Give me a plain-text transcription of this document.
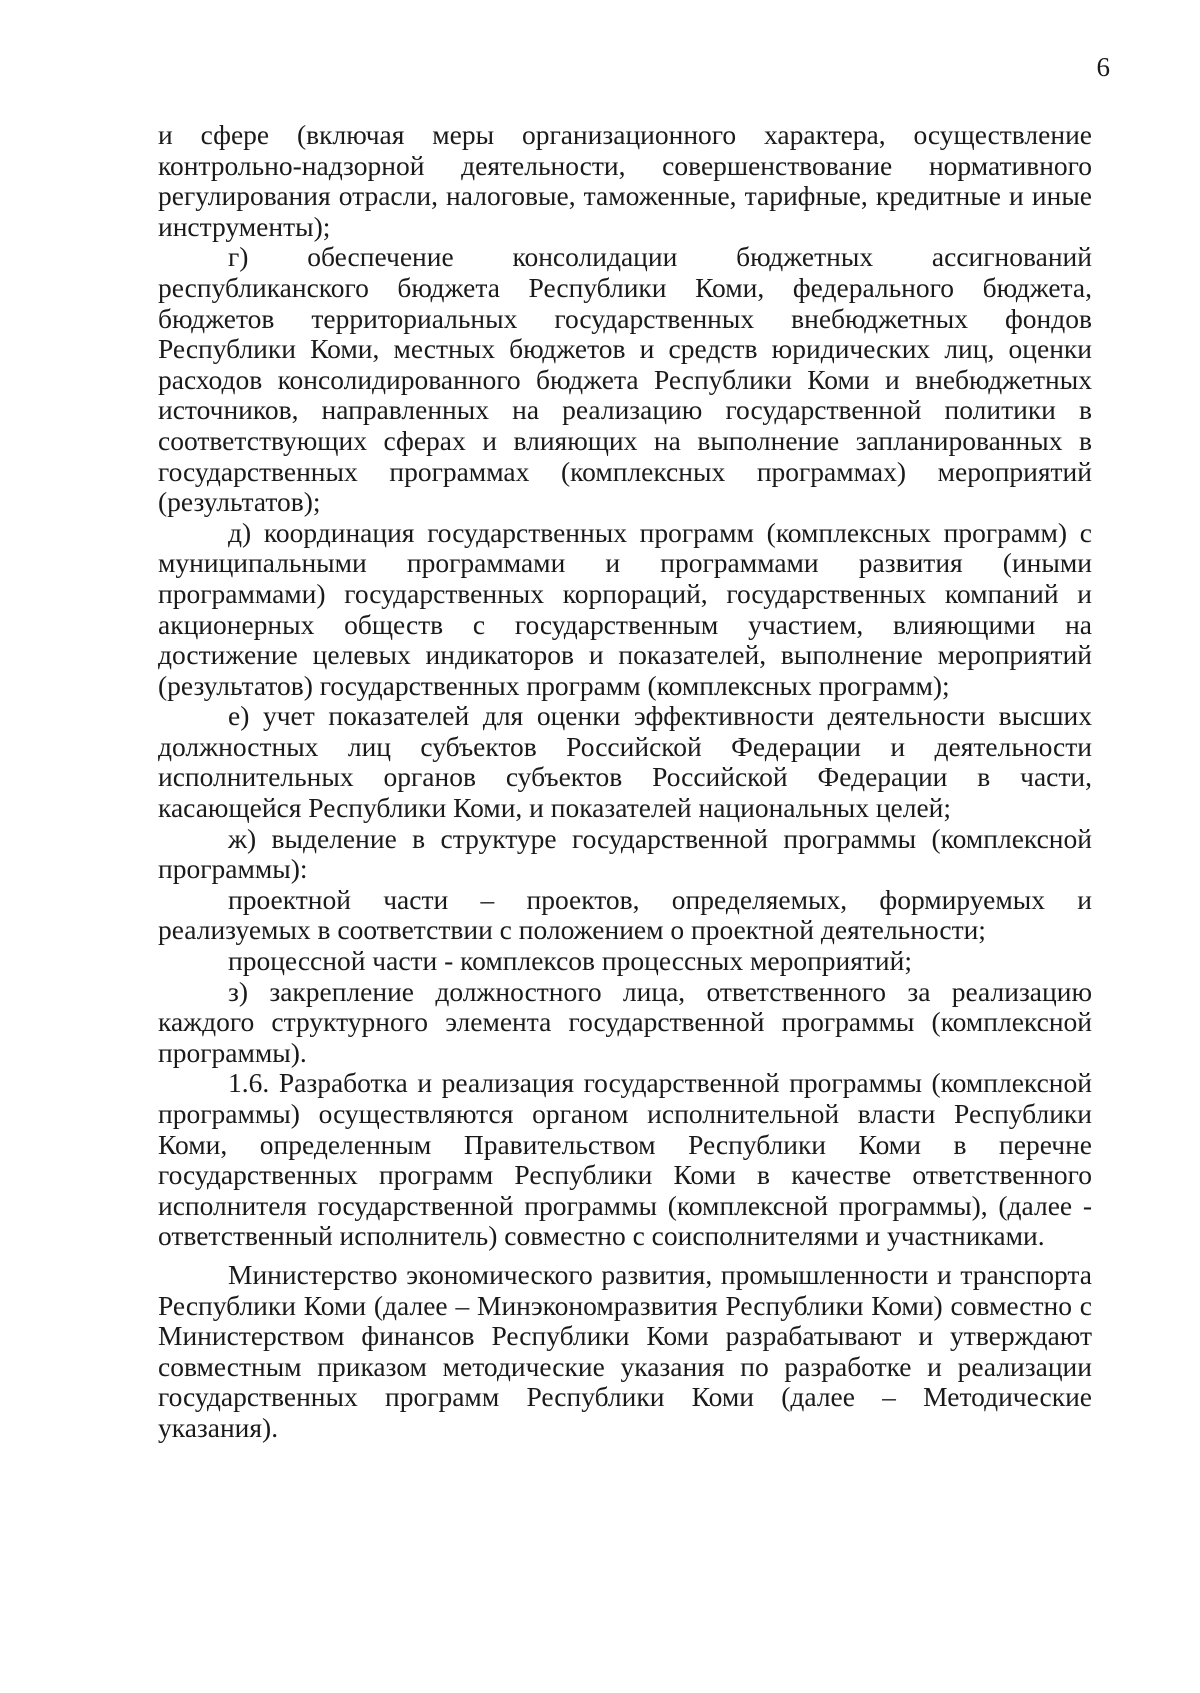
6

и сфере (включая меры организационного характера, осуществление контрольно-надзорной деятельности, совершенствование нормативного регулирования отрасли, налоговые, таможенные, тарифные, кредитные и иные инструменты);

г) обеспечение консолидации бюджетных ассигнований республиканского бюджета Республики Коми, федерального бюджета, бюджетов территориальных государственных внебюджетных фондов Республики Коми, местных бюджетов и средств юридических лиц, оценки расходов консолидированного бюджета Республики Коми и внебюджетных источников, направленных на реализацию государственной политики в соответствующих сферах и влияющих на выполнение запланированных в государственных программах (комплексных программах) мероприятий (результатов);

д) координация государственных программ (комплексных программ) с муниципальными программами и программами развития (иными программами) государственных корпораций, государственных компаний и акционерных обществ с государственным участием, влияющими на достижение целевых индикаторов и показателей, выполнение мероприятий (результатов) государственных программ (комплексных программ);

е) учет показателей для оценки эффективности деятельности высших должностных лиц субъектов Российской Федерации и деятельности исполнительных органов субъектов Российской Федерации в части, касающейся Республики Коми, и показателей национальных целей;

ж) выделение в структуре государственной программы (комплексной программы):

проектной части – проектов, определяемых, формируемых и реализуемых в соответствии с положением о проектной деятельности;

процессной части - комплексов процессных мероприятий;

з) закрепление должностного лица, ответственного за реализацию каждого структурного элемента государственной программы (комплексной программы).

1.6. Разработка и реализация государственной программы (комплексной программы) осуществляются органом исполнительной власти Республики Коми, определенным Правительством Республики Коми в перечне государственных программ Республики Коми в качестве ответственного исполнителя государственной программы (комплексной программы), (далее - ответственный исполнитель) совместно с соисполнителями и участниками.

Министерство экономического развития, промышленности и транспорта Республики Коми (далее – Минэкономразвития Республики Коми) совместно с Министерством финансов Республики Коми разрабатывают и утверждают совместным приказом методические указания по разработке и реализации государственных программ Республики Коми (далее – Методические указания).
